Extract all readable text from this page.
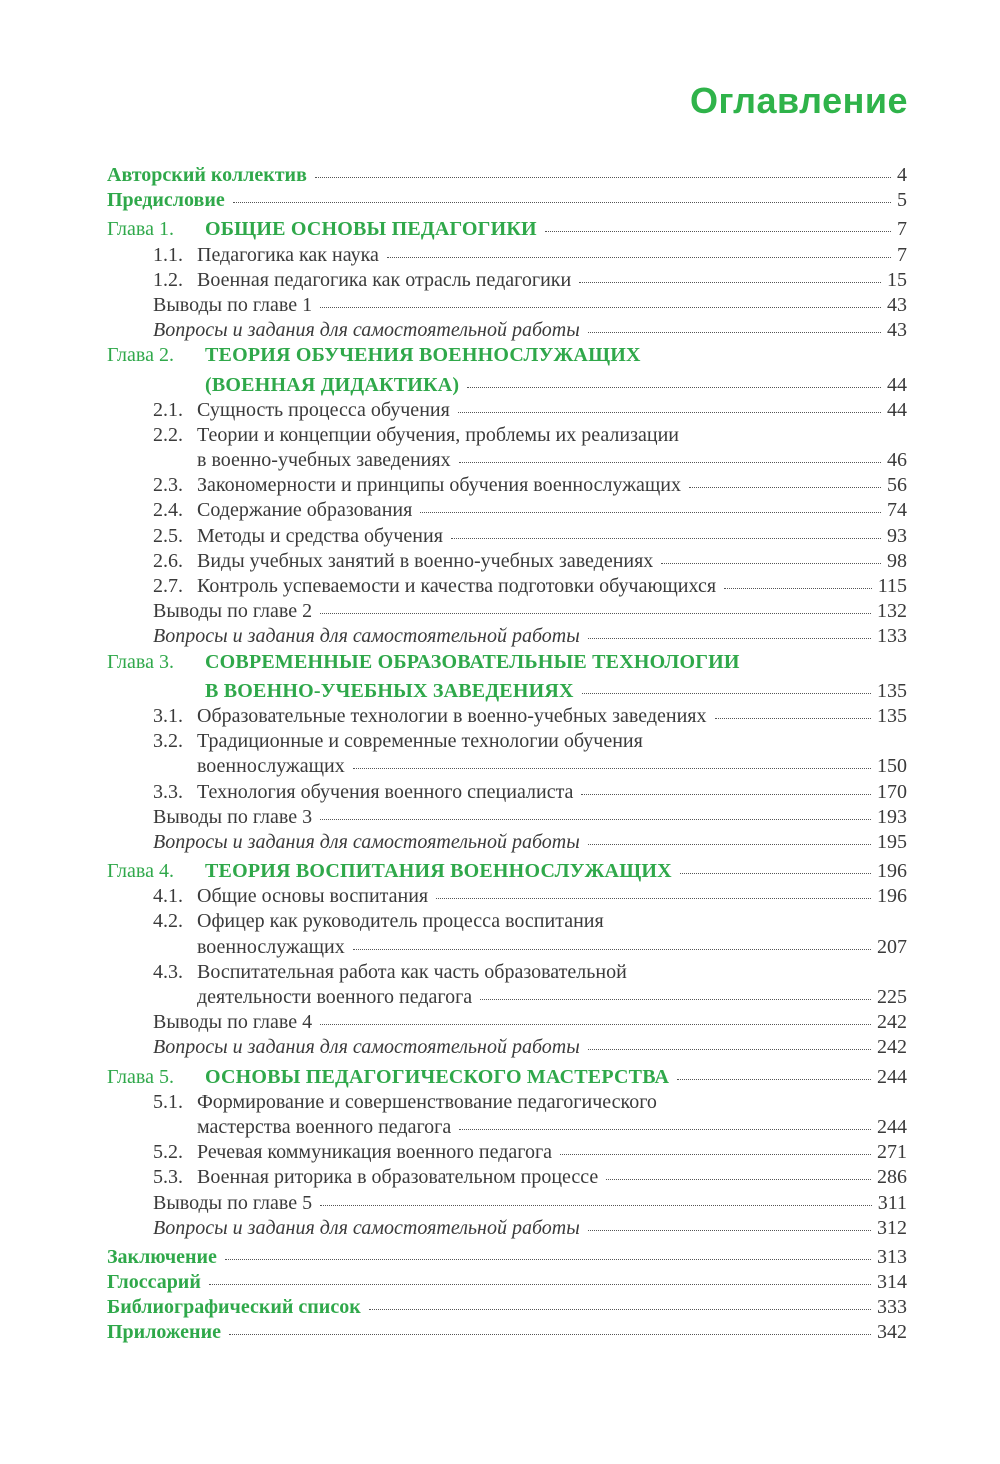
Оглавление
Авторский коллектив	4
Предисловие	5
Глава 1. ОБЩИЕ ОСНОВЫ ПЕДАГОГИКИ	7
1.1. Педагогика как наука	7
1.2. Военная педагогика как отрасль педагогики	15
Выводы по главе 1	43
Вопросы и задания для самостоятельной работы	43
Глава 2. ТЕОРИЯ ОБУЧЕНИЯ ВОЕННОСЛУЖАЩИХ
(ВОЕННАЯ ДИДАКТИКА)	44
2.1. Сущность процесса обучения	44
2.2. Теории и концепции обучения, проблемы их реализации
в военно-учебных заведениях	46
2.3. Закономерности и принципы обучения военнослужащих	56
2.4. Содержание образования	74
2.5. Методы и средства обучения	93
2.6. Виды учебных занятий в военно-учебных заведениях	98
2.7. Контроль успеваемости и качества подготовки обучающихся	115
Выводы по главе 2	132
Вопросы и задания для самостоятельной работы	133
Глава 3. СОВРЕМЕННЫЕ ОБРАЗОВАТЕЛЬНЫЕ ТЕХНОЛОГИИ
В ВОЕННО-УЧЕБНЫХ ЗАВЕДЕНИЯХ	135
3.1. Образовательные технологии в военно-учебных заведениях	135
3.2. Традиционные и современные технологии обучения
военнослужащих	150
3.3. Технология обучения военного специалиста	170
Выводы по главе 3	193
Вопросы и задания для самостоятельной работы	195
Глава 4. ТЕОРИЯ ВОСПИТАНИЯ ВОЕННОСЛУЖАЩИХ	196
4.1. Общие основы воспитания	196
4.2. Офицер как руководитель процесса воспитания
военнослужащих	207
4.3. Воспитательная работа как часть образовательной
деятельности военного педагога	225
Выводы по главе 4	242
Вопросы и задания для самостоятельной работы	242
Глава 5. ОСНОВЫ ПЕДАГОГИЧЕСКОГО МАСТЕРСТВА	244
5.1. Формирование и совершенствование педагогического
мастерства военного педагога	244
5.2. Речевая коммуникация военного педагога	271
5.3. Военная риторика в образовательном процессе	286
Выводы по главе 5	311
Вопросы и задания для самостоятельной работы	312
Заключение	313
Глоссарий	314
Библиографический список	333
Приложение	342
